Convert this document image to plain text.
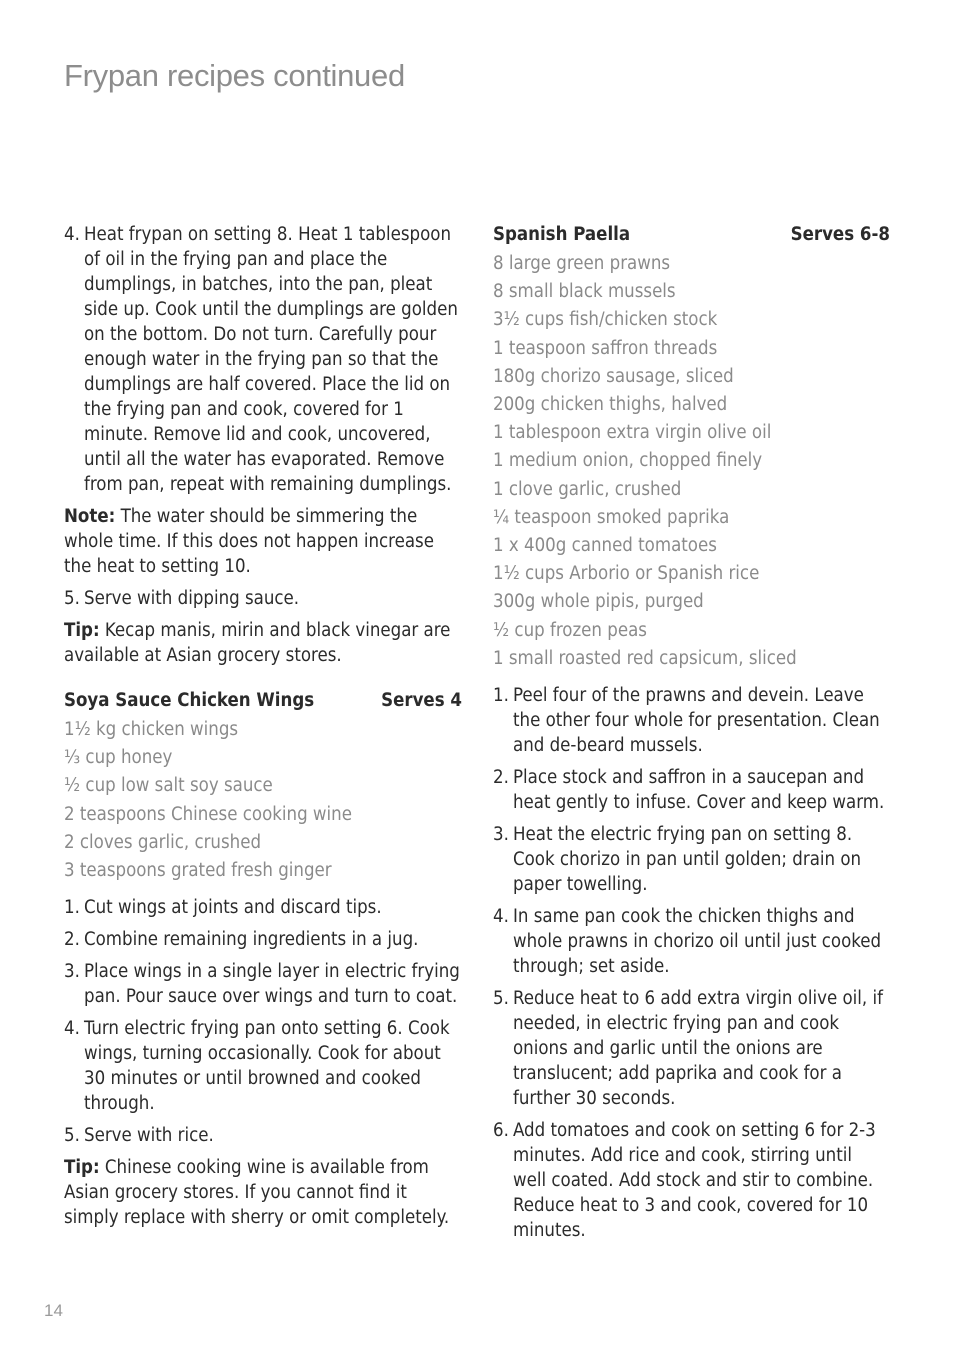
Frypan recipes continued
4. Heat frypan on setting 8. Heat 1 tablespoon of oil in the frying pan and place the dumplings, in batches, into the pan, pleat side up. Cook until the dumplings are golden on the bottom. Do not turn. Carefully pour enough water in the frying pan so that the dumplings are half covered. Place the lid on the frying pan and cook, covered for 1 minute. Remove lid and cook, uncovered, until all the water has evaporated. Remove from pan, repeat with remaining dumplings.

Note: The water should be simmering the whole time. If this does not happen increase the heat to setting 10.

5. Serve with dipping sauce.

Tip: Kecap manis, mirin and black vinegar are available at Asian grocery stores.

Soya Sauce Chicken Wings	Serves 4
1½ kg chicken wings
⅓ cup honey
½ cup low salt soy sauce
2 teaspoons Chinese cooking wine
2 cloves garlic, crushed
3 teaspoons grated fresh ginger
1. Cut wings at joints and discard tips.
2. Combine remaining ingredients in a jug.
3. Place wings in a single layer in electric frying pan. Pour sauce over wings and turn to coat.
4. Turn electric frying pan onto setting 6. Cook wings, turning occasionally. Cook for about 30 minutes or until browned and cooked through.
5. Serve with rice.

Tip: Chinese cooking wine is available from Asian grocery stores. If you cannot find it simply replace with sherry or omit completely.

Spanish Paella	Serves 6-8
8 large green prawns
8 small black mussels
3½ cups fish/chicken stock
1 teaspoon saffron threads
180g chorizo sausage, sliced
200g chicken thighs, halved
1 tablespoon extra virgin olive oil
1 medium onion, chopped finely
1 clove garlic, crushed
¼ teaspoon smoked paprika
1 x 400g canned tomatoes
1½ cups Arborio or Spanish rice
300g whole pipis, purged
½ cup frozen peas
1 small roasted red capsicum, sliced
1. Peel four of the prawns and devein. Leave the other four whole for presentation. Clean and de-beard mussels.
2. Place stock and saffron in a saucepan and heat gently to infuse. Cover and keep warm.
3. Heat the electric frying pan on setting 8. Cook chorizo in pan until golden; drain on paper towelling.
4. In same pan cook the chicken thighs and whole prawns in chorizo oil until just cooked through; set aside.
5. Reduce heat to 6 add extra virgin olive oil, if needed, in electric frying pan and cook onions and garlic until the onions are translucent; add paprika and cook for a further 30 seconds.
6. Add tomatoes and cook on setting 6 for 2-3 minutes. Add rice and cook, stirring until well coated. Add stock and stir to combine. Reduce heat to 3 and cook, covered for 10 minutes.
14
